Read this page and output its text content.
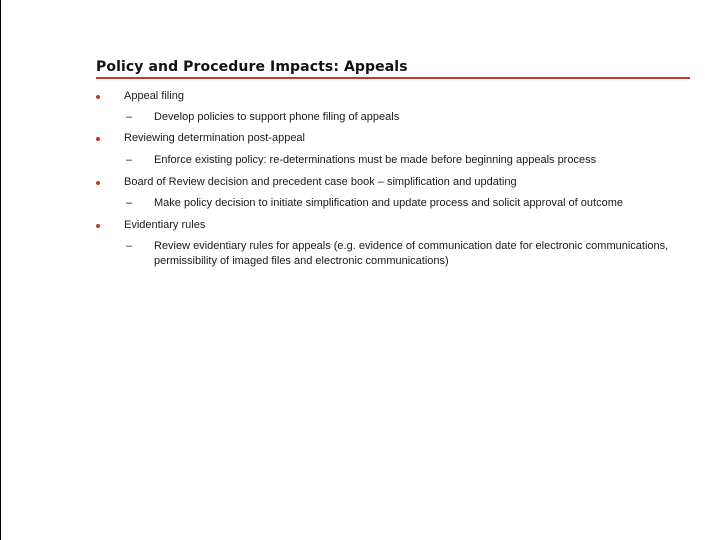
Policy and Procedure Impacts: Appeals
Appeal filing
– Develop policies to support phone filing of appeals
Reviewing determination post-appeal
– Enforce existing policy: re-determinations must be made before beginning appeals process
Board of Review decision and precedent case book – simplification and updating
– Make policy decision to initiate simplification and update process and solicit approval of outcome
Evidentiary rules
– Review evidentiary rules for appeals (e.g. evidence of communication date for electronic communications, permissibility of imaged files and electronic communications)
